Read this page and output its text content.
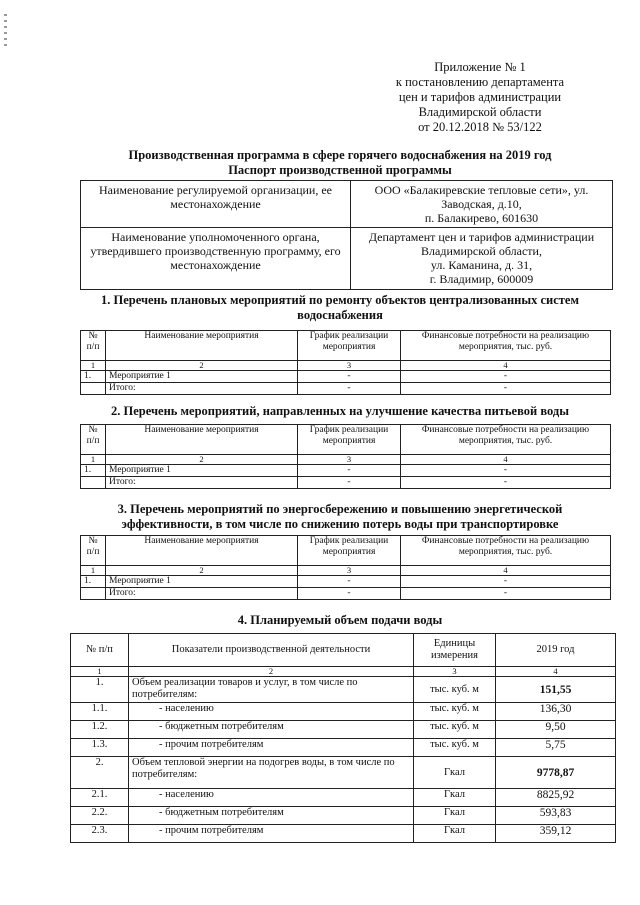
Приложение № 1
к постановлению департамента
цен и тарифов администрации
Владимирской области
от 20.12.2018 № 53/122
Производственная программа в сфере горячего водоснабжения на 2019 год
Паспорт производственной программы
Наименование регулируемой организации, ее местонахождение	ООО «Балакиревские тепловые сети», ул.
Заводская, д.10,
п. Балакирево, 601630

Наименование уполномоченного органа, утвердившего производственную программу, его местонахождение	Департамент цен и тарифов администрации
Владимирской области,
ул. Каманина, д. 31,
г. Владимир, 600009
1. Перечень плановых мероприятий по ремонту объектов централизованных систем
водоснабжения
№ п/п	Наименование мероприятия	График реализации мероприятия	Финансовые потребности на реализацию мероприятия, тыс. руб.
1	2	3	4
1.	Мероприятие 1	-	-
	Итого:	-	-
2. Перечень мероприятий, направленных на улучшение качества питьевой воды
№ п/п	Наименование мероприятия	График реализации мероприятия	Финансовые потребности на реализацию мероприятия, тыс. руб.
1	2	3	4
1.	Мероприятие 1	-	-
	Итого:	-	-
3. Перечень мероприятий по энергосбережению и повышению энергетической
эффективности, в том числе по снижению потерь воды при транспортировке
№ п/п	Наименование мероприятия	График реализации мероприятия	Финансовые потребности на реализацию мероприятия, тыс. руб.
1	2	3	4
1.	Мероприятие 1	-	-
	Итого:	-	-
4. Планируемый объем подачи воды
№ п/п	Показатели производственной деятельности	Единицы измерения	2019 год
1	2	3	4
1.	Объем реализации товаров и услуг, в том числе по потребителям:	тыс. куб. м	151,55
1.1.	- населению	тыс. куб. м	136,30
1.2.	- бюджетным потребителям	тыс. куб. м	9,50
1.3.	- прочим потребителям	тыс. куб. м	5,75
2.	Объем тепловой энергии на подогрев воды, в том числе по потребителям:	Гкал	9778,87
2.1.	- населению	Гкал	8825,92
2.2.	- бюджетным потребителям	Гкал	593,83
2.3.	- прочим потребителям	Гкал	359,12
